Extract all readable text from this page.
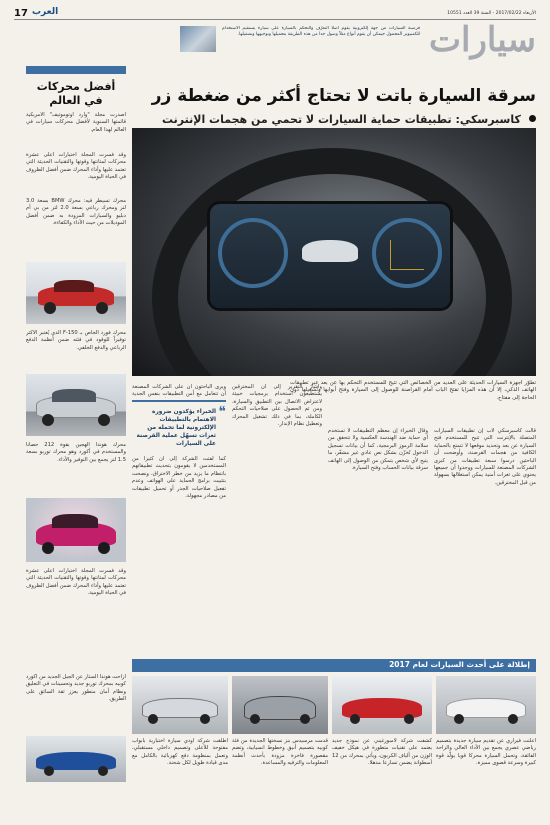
17 العرب	الأربعاء 2017/02/22 - السنة 39 العدد 10551
قرصنة السيارات من جهة إلكترونية يقوم أصلاً التعرّف والتحكم بالسيارة على سيارة يستقيم الاستخدام للكمبيوتر المحمول جيمكن أن يقوم أنواع مثلاً وصول جدا من هذه الطريقة بتحميلها وتوجيهها وتشغيلها. سيارات
سرقة السيارة باتت لا تحتاج أكثر من ضغطة زر
كاسبرسكي: تطبيقات حماية السيارات لا تحمي من هجمات الإنترنت
أفضل محركات في العالم
أصدرت مجلة "وارد أوتوموتيف" الأمريكية قائمتها السنوية لأفضل محركات سيارات في العالم لهذا العام.
وقد فسرت المجلة اختيارات أعلى عشرة محركات لمتانتها وقوتها والتقنيات الحديثة التي تعتمد عليها وأداء المحرك ضمن أفضل الظروف في الحياة اليومية.
محرك تسيطر فيه: محرك BMW بسعة 3.0 لتر ومحرك رباعي بسعة 2.0 لتر من بي أم دبليو والسيارات المزودة به ضمن أفضل الموديلات من حيث الأداء والكفاءة.
محرك فورد الخاص بـ F-150 الذي يُعتبر الأكثر توفيراً للوقود في فئته ضمن أنظمة الدفع الرباعي والدفع الخلفي.
محرك هوندا الهجين بقوة 212 حصانا والمستخدم في أكورد وهو محرك توربو بسعة 1.5 لتر يجمع بين التوفير والأداء.
تطوّر أجهزة السيارات الحديثة على العديد من الخصائص التي تتيح للمستخدم التحكم بها عن بعد عبر تطبيقات الهاتف الذكي، إلا أن هذه المزايا تفتح الباب أمام القراصنة للوصول إلى السيارة وفتح أبوابها وتشغيلها دون الحاجة إلى مفتاح.
قالت كاسبرسكي لاب إن تطبيقات السيارات المتصلة بالإنترنت التي تتيح للمستخدم فتح السيارة عن بعد وتحديد موقعها لا تتمتع بالحماية الكافية من هجمات القرصنة، وأوضحت أن الباحثين درسوا سبعة تطبيقات من كبرى الشركات المصنعة للسيارات ووجدوا أن جميعها يحتوي على ثغرات أمنية يمكن استغلالها بسهولة من قبل المخترقين.
وقال الخبراء إن معظم التطبيقات لا تستخدم أي حماية ضد الهندسة العكسية ولا تتحقق من سلامة الرموز البرمجية، كما أن بيانات تسجيل الدخول تُخزّن بشكل نص عادي غير مشفّر، ما يتيح لأي شخص يتمكن من الوصول إلى الهاتف سرقة بيانات الحساب وفتح السيارة.
ويرى الباحثون أن على الشركات المصنعة أن تتعامل مع أمن التطبيقات بنفس الجدية
❝
الخبراء يؤكدون ضرورة الاهتمام بالتطبيقات الإلكترونية لما تحمله من ثغرات تسهّل عملية القرصنة على السيارات
وأشار التقرير إلى أن المخترقين يستطيعون استخدام برمجيات خبيثة لاعتراض الاتصال بين التطبيق والسيارة، ومن ثم الحصول على صلاحيات التحكم الكاملة، بما في ذلك تشغيل المحرك وتعطيل نظام الإنذار.
كما لفتت الشركة إلى أن كثيرا من المستخدمين لا يقومون بتحديث تطبيقاتهم بانتظام ما يزيد من خطر الاختراق، ونصحت بتثبيت برامج الحماية على الهواتف وعدم تفعيل صلاحيات الجذر أو تحميل تطبيقات من مصادر مجهولة.
إطلالة على أحدث السيارات لعام 2017
أعلنت فيراري عن تقديم سيارة جديدة بتصميم رياضي عصري يجمع بين الأداء العالي والراحة الفائقة، وتحمل السيارة محركا قويا يولّد قوة كبيرة وسرعة قصوى مميزة.
كشفت شركة لامبورغيني عن نموذج جديد يعتمد على تقنيات متطورة في هيكل خفيف الوزن من ألياف الكربون، ويأتي بمحرك من 12 أسطوانة يضمن تسارعا مذهلا.
قدمت مرسيدس بنز نسختها الجديدة من فئة كوبيه بتصميم أنيق وخطوط انسيابية، وتضم مقصورة فاخرة مزودة بأحدث أنظمة المعلومات والترفيه والمساعدة.
أطلقت شركة أودي سيارة اختبارية بأبواب مفتوحة للأعلى وتصميم داخلي مستقبلي، وتعمل بمنظومة دفع كهربائية بالكامل مع مدى قيادة طويل لكل شحنة.
أزاحت هوندا الستار عن الجيل الجديد من أكورد كوبيه بمحرك توربو جديد وتحسينات في التعليق ونظام أمان متطور يعزز ثقة السائق على الطريق.
وقد فسرت المجلة اختيارات أعلى عشرة محركات لمتانتها وقوتها والتقنيات الحديثة التي تعتمد عليها وأداء المحرك ضمن أفضل الظروف في الحياة اليومية.
